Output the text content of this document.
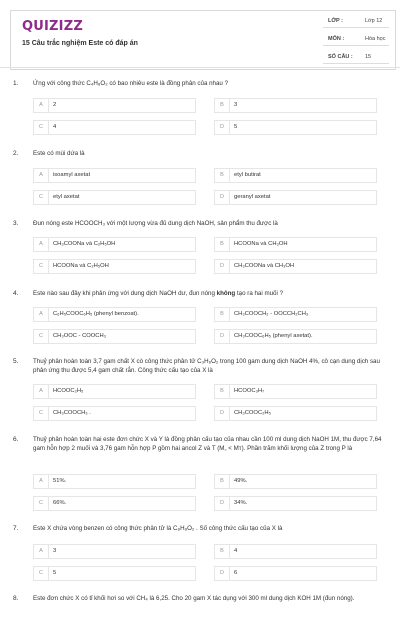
QUIZIZZ
15 Câu trắc nghiệm Este có đáp án
LỚP :	Lớp 12
MÔN :	Hóa học
SỐ CÂU : 15
1. Ứng với công thức C₄H₈O₂ có bao nhiêu este là đồng phân của nhau ?
A	2	B	3
C	4	D	5
2. Este có mùi dứa là
A	isoamyl axetat	B	etyl butirat
C	etyl axetat	D	geranyl axetat
3. Đun nóng este HCOOCH₃ với một lượng vừa đủ dung dịch NaOH, sản phẩm thu được là
A	CH₃COONa và C₂H₅OH	B	HCOONa và CH₃OH
C	HCOONa và C₂H₅OH	D	CH₃COONa và CH₃OH
4. Este nào sau đây khi phản ứng với dung dịch NaOH dư, đun nóng không tạo ra hai muối ?
A	C₆H₅COOC₆H₅ (phenyl benzoat).	B	CH₃COOCH₂ - OOCCH₂CH₃
C	CH₃OOC - COOCH₃	D	CH₃COOC₆H₅ (phenyl axetat).
5. Thuỷ phân hoàn toàn 3,7 gam chất X có công thức phân tử C₃H₆O₂ trong 100 gam dung dịch NaOH 4%, cô cạn dung dịch sau phản ứng thu được 5,4 gam chất rắn. Công thức cấu tạo của X là
A	HCOOC₂H₅	B	HCOOC₃H₇
C	CH₃COOCH₃ .	D	CH₃COOC₂H₅
6. Thuỷ phân hoàn toàn hai este đơn chức X và Y là đồng phân cấu tạo của nhau cần 100 ml dung dịch NaOH 1M, thu được 7,64 gam hỗn hợp 2 muối và 3,76 gam hỗn hợp P gồm hai ancol Z và T (M꜀ < Mᴛ). Phần trăm khối lượng của Z trong P là
A	51%.	B	49%.
C	66%.	D	34%.
7. Este X chứa vòng benzen có công thức phân tử là C₈H₈O₂ . Số công thức cấu tạo của X là
A	3	B	4
C	5	D	6
8. Este đơn chức X có tỉ khối hơi so với CH₄ là 6,25. Cho 20 gam X tác dụng với 300 ml dung dịch KOH 1M (đun nóng).
